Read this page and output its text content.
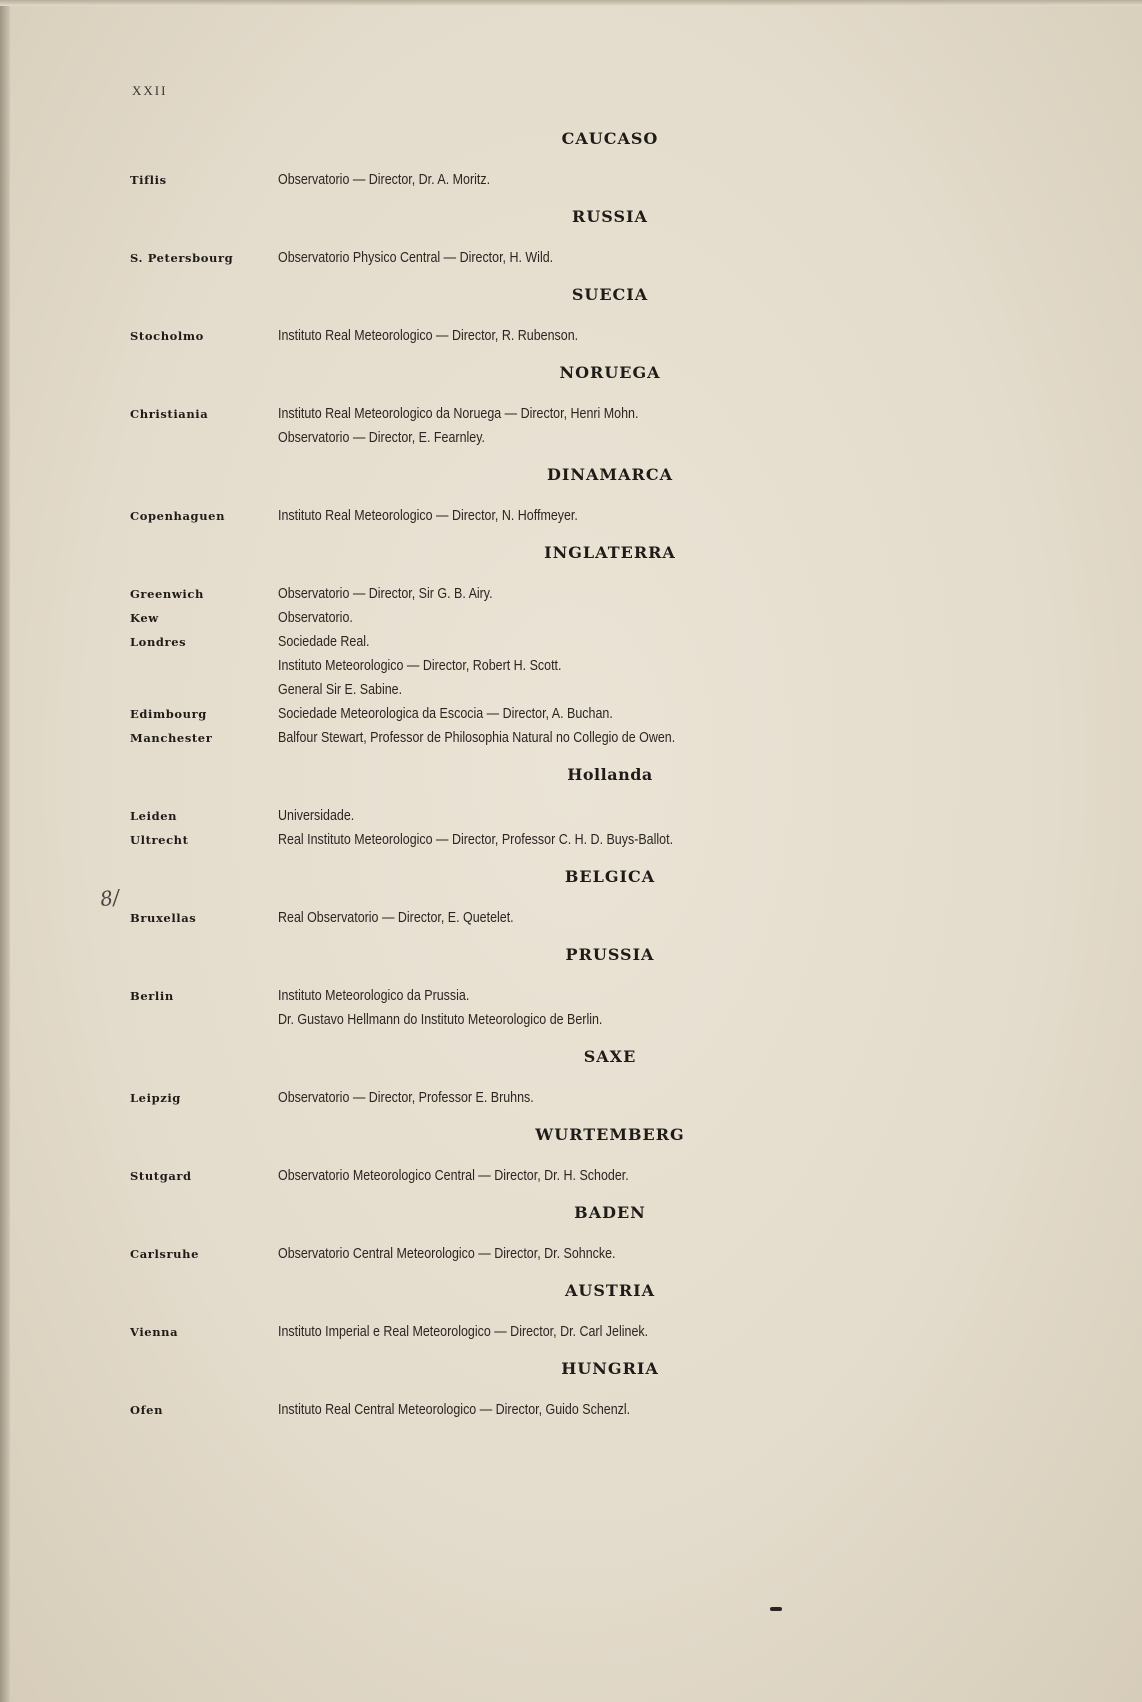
XXII
8/
CAUCASO
Tiflis	Observatorio — Director, Dr. A. Moritz.
RUSSIA
S. Petersbourg	Observatorio Physico Central — Director, H. Wild.
SUECIA
Stocholmo	Instituto Real Meteorologico — Director, R. Rubenson.
NORUEGA
Christiania	Instituto Real Meteorologico da Noruega — Director, Henri Mohn.
Observatorio — Director, E. Fearnley.
DINAMARCA
Copenhaguen	Instituto Real Meteorologico — Director, N. Hoffmeyer.
INGLATERRA
Greenwich	Observatorio — Director, Sir G. B. Airy.
Kew	Observatorio.
Londres	Sociedade Real.
Instituto Meteorologico — Director, Robert H. Scott.
General Sir E. Sabine.
Edimbourg	Sociedade Meteorologica da Escocia — Director, A. Buchan.
Manchester	Balfour Stewart, Professor de Philosophia Natural no Collegio de Owen.
Hollanda
Leiden	Universidade.
Ultrecht	Real Instituto Meteorologico — Director, Professor C. H. D. Buys-Ballot.
BELGICA
Bruxellas	Real Observatorio — Director, E. Quetelet.
PRUSSIA
Berlin	Instituto Meteorologico da Prussia.
Dr. Gustavo Hellmann do Instituto Meteorologico de Berlin.
SAXE
Leipzig	Observatorio — Director, Professor E. Bruhns.
WURTEMBERG
Stutgard	Observatorio Meteorologico Central — Director, Dr. H. Schoder.
BADEN
Carlsruhe	Observatorio Central Meteorologico — Director, Dr. Sohncke.
AUSTRIA
Vienna	Instituto Imperial e Real Meteorologico — Director, Dr. Carl Jelinek.
HUNGRIA
Ofen	Instituto Real Central Meteorologico — Director, Guido Schenzl.
